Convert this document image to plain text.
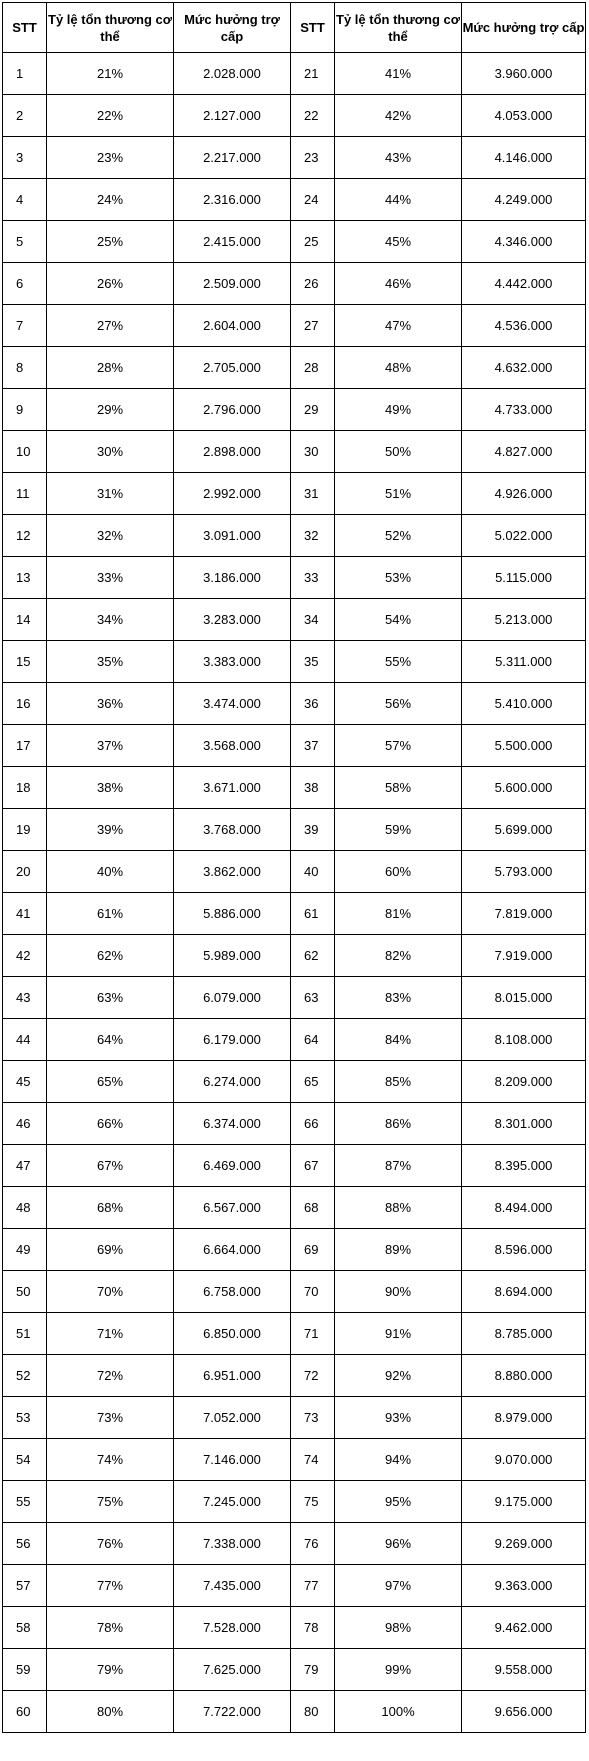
STT	Tỷ lệ tổn thương cơ thể	Mức hưởng trợ cấp	STT	Tỷ lệ tổn thương cơ thể	Mức hưởng trợ cấp
1	21%	2.028.000	21	41%	3.960.000
2	22%	2.127.000	22	42%	4.053.000
3	23%	2.217.000	23	43%	4.146.000
4	24%	2.316.000	24	44%	4.249.000
5	25%	2.415.000	25	45%	4.346.000
6	26%	2.509.000	26	46%	4.442.000
7	27%	2.604.000	27	47%	4.536.000
8	28%	2.705.000	28	48%	4.632.000
9	29%	2.796.000	29	49%	4.733.000
10	30%	2.898.000	30	50%	4.827.000
11	31%	2.992.000	31	51%	4.926.000
12	32%	3.091.000	32	52%	5.022.000
13	33%	3.186.000	33	53%	5.115.000
14	34%	3.283.000	34	54%	5.213.000
15	35%	3.383.000	35	55%	5.311.000
16	36%	3.474.000	36	56%	5.410.000
17	37%	3.568.000	37	57%	5.500.000
18	38%	3.671.000	38	58%	5.600.000
19	39%	3.768.000	39	59%	5.699.000
20	40%	3.862.000	40	60%	5.793.000
41	61%	5.886.000	61	81%	7.819.000
42	62%	5.989.000	62	82%	7.919.000
43	63%	6.079.000	63	83%	8.015.000
44	64%	6.179.000	64	84%	8.108.000
45	65%	6.274.000	65	85%	8.209.000
46	66%	6.374.000	66	86%	8.301.000
47	67%	6.469.000	67	87%	8.395.000
48	68%	6.567.000	68	88%	8.494.000
49	69%	6.664.000	69	89%	8.596.000
50	70%	6.758.000	70	90%	8.694.000
51	71%	6.850.000	71	91%	8.785.000
52	72%	6.951.000	72	92%	8.880.000
53	73%	7.052.000	73	93%	8.979.000
54	74%	7.146.000	74	94%	9.070.000
55	75%	7.245.000	75	95%	9.175.000
56	76%	7.338.000	76	96%	9.269.000
57	77%	7.435.000	77	97%	9.363.000
58	78%	7.528.000	78	98%	9.462.000
59	79%	7.625.000	79	99%	9.558.000
60	80%	7.722.000	80	100%	9.656.000
